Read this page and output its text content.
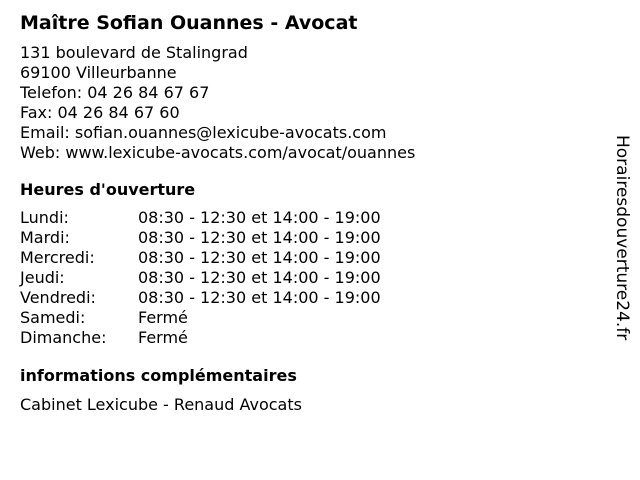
Maître Sofian Ouannes - Avocat
131 boulevard de Stalingrad
69100 Villeurbanne
Telefon: 04 26 84 67 67
Fax: 04 26 84 67 60
Email: sofian.ouannes@lexicube-avocats.com
Web: www.lexicube-avocats.com/avocat/ouannes
Heures d'ouverture
Lundi:	08:30 - 12:30 et 14:00 - 19:00
Mardi:	08:30 - 12:30 et 14:00 - 19:00
Mercredi:	08:30 - 12:30 et 14:00 - 19:00
Jeudi:	08:30 - 12:30 et 14:00 - 19:00
Vendredi:	08:30 - 12:30 et 14:00 - 19:00
Samedi:	Fermé
Dimanche:	Fermé
informations complémentaires
Cabinet Lexicube - Renaud Avocats
Horairesdouverture24.fr
